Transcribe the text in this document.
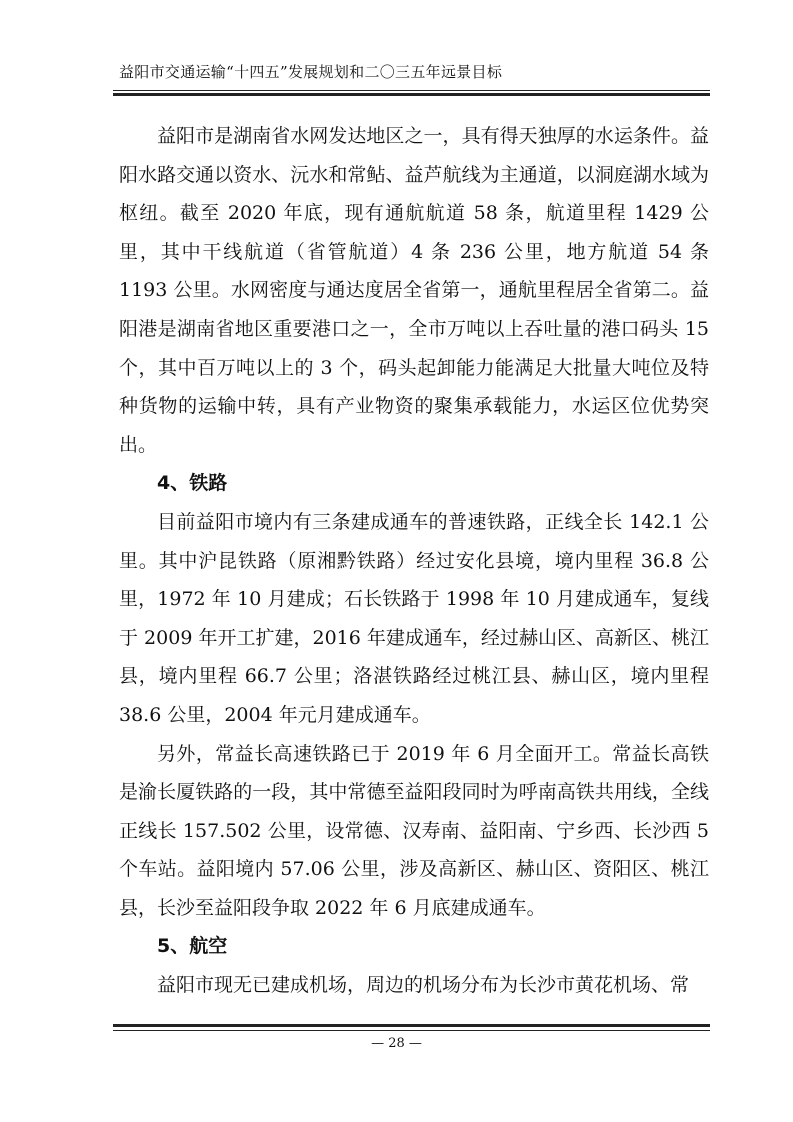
益阳市交通运输“十四五”发展规划和二〇三五年远景目标

益阳市是湖南省水网发达地区之一，具有得天独厚的水运条件。益阳水路交通以资水、沅水和常鲇、益芦航线为主通道，以洞庭湖水域为枢纽。截至 2020 年底，现有通航航道 58 条，航道里程 1429 公里，其中干线航道（省管航道）4 条 236 公里，地方航道 54 条 1193 公里。水网密度与通达度居全省第一，通航里程居全省第二。益阳港是湖南省地区重要港口之一，全市万吨以上吞吐量的港口码头 15 个，其中百万吨以上的 3 个，码头起卸能力能满足大批量大吨位及特种货物的运输中转，具有产业物资的聚集承载能力，水运区位优势突出。

4、铁路

目前益阳市境内有三条建成通车的普速铁路，正线全长 142.1 公里。其中沪昆铁路（原湘黔铁路）经过安化县境，境内里程 36.8 公里，1972 年 10 月建成；石长铁路于 1998 年 10 月建成通车，复线于 2009 年开工扩建，2016 年建成通车，经过赫山区、高新区、桃江县，境内里程 66.7 公里；洛湛铁路经过桃江县、赫山区，境内里程 38.6 公里，2004 年元月建成通车。

另外，常益长高速铁路已于 2019 年 6 月全面开工。常益长高铁是渝长厦铁路的一段，其中常德至益阳段同时为呼南高铁共用线，全线正线长 157.502 公里，设常德、汉寿南、益阳南、宁乡西、长沙西 5 个车站。益阳境内 57.06 公里，涉及高新区、赫山区、资阳区、桃江县，长沙至益阳段争取 2022 年 6 月底建成通车。

5、航空

益阳市现无已建成机场，周边的机场分布为长沙市黄花机场、常

— 28 —
